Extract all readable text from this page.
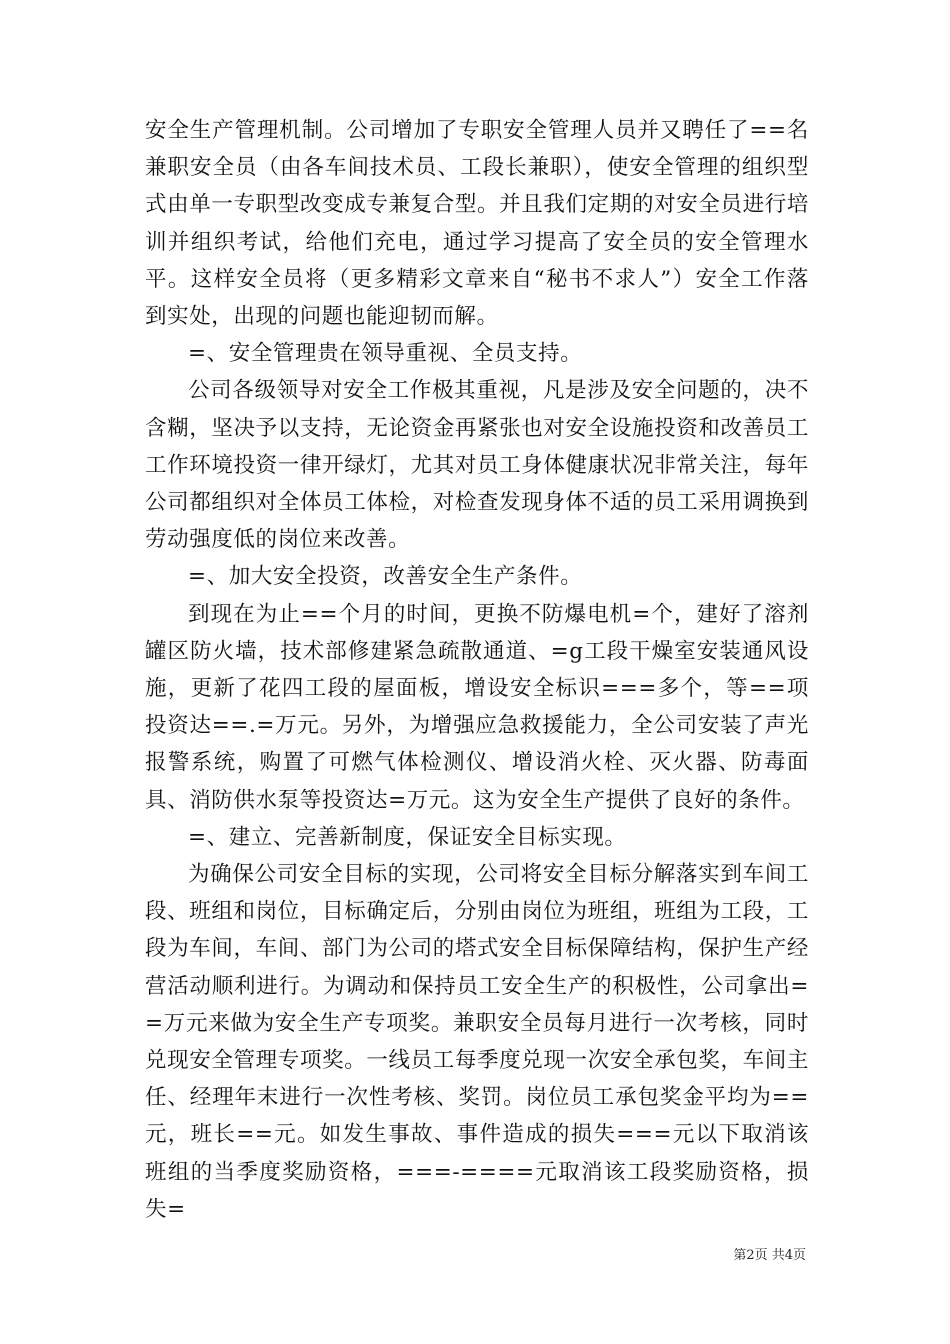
安全生产管理机制。公司增加了专职安全管理人员并又聘任了==名兼职安全员（由各车间技术员、工段长兼职），使安全管理的组织型式由单一专职型改变成专兼复合型。并且我们定期的对安全员进行培训并组织考试，给他们充电，通过学习提高了安全员的安全管理水平。这样安全员将（更多精彩文章来自“秘书不求人”）安全工作落到实处，出现的问题也能迎韧而解。

=、安全管理贵在领导重视、全员支持。

公司各级领导对安全工作极其重视，凡是涉及安全问题的，决不含糊，坚决予以支持，无论资金再紧张也对安全设施投资和改善员工工作环境投资一律开绿灯，尤其对员工身体健康状况非常关注，每年公司都组织对全体员工体检，对检查发现身体不适的员工采用调换到劳动强度低的岗位来改善。

=、加大安全投资，改善安全生产条件。

到现在为止==个月的时间，更换不防爆电机=个，建好了溶剂罐区防火墙，技术部修建紧急疏散通道、=g工段干燥室安装通风设施，更新了花四工段的屋面板，增设安全标识===多个，等==项投资达==.=万元。另外，为增强应急救援能力，全公司安装了声光报警系统，购置了可燃气体检测仪、增设消火栓、灭火器、防毒面具、消防供水泵等投资达=万元。这为安全生产提供了良好的条件。

=、建立、完善新制度，保证安全目标实现。

为确保公司安全目标的实现，公司将安全目标分解落实到车间工段、班组和岗位，目标确定后，分别由岗位为班组，班组为工段，工段为车间，车间、部门为公司的塔式安全目标保障结构，保护生产经营活动顺利进行。为调动和保持员工安全生产的积极性，公司拿出==万元来做为安全生产专项奖。兼职安全员每月进行一次考核，同时兑现安全管理专项奖。一线员工每季度兑现一次安全承包奖，车间主任、经理年末进行一次性考核、奖罚。岗位员工承包奖金平均为==元，班长==元。如发生事故、事件造成的损失===元以下取消该班组的当季度奖励资格，===-====元取消该工段奖励资格，损失=

第2页 共4页
